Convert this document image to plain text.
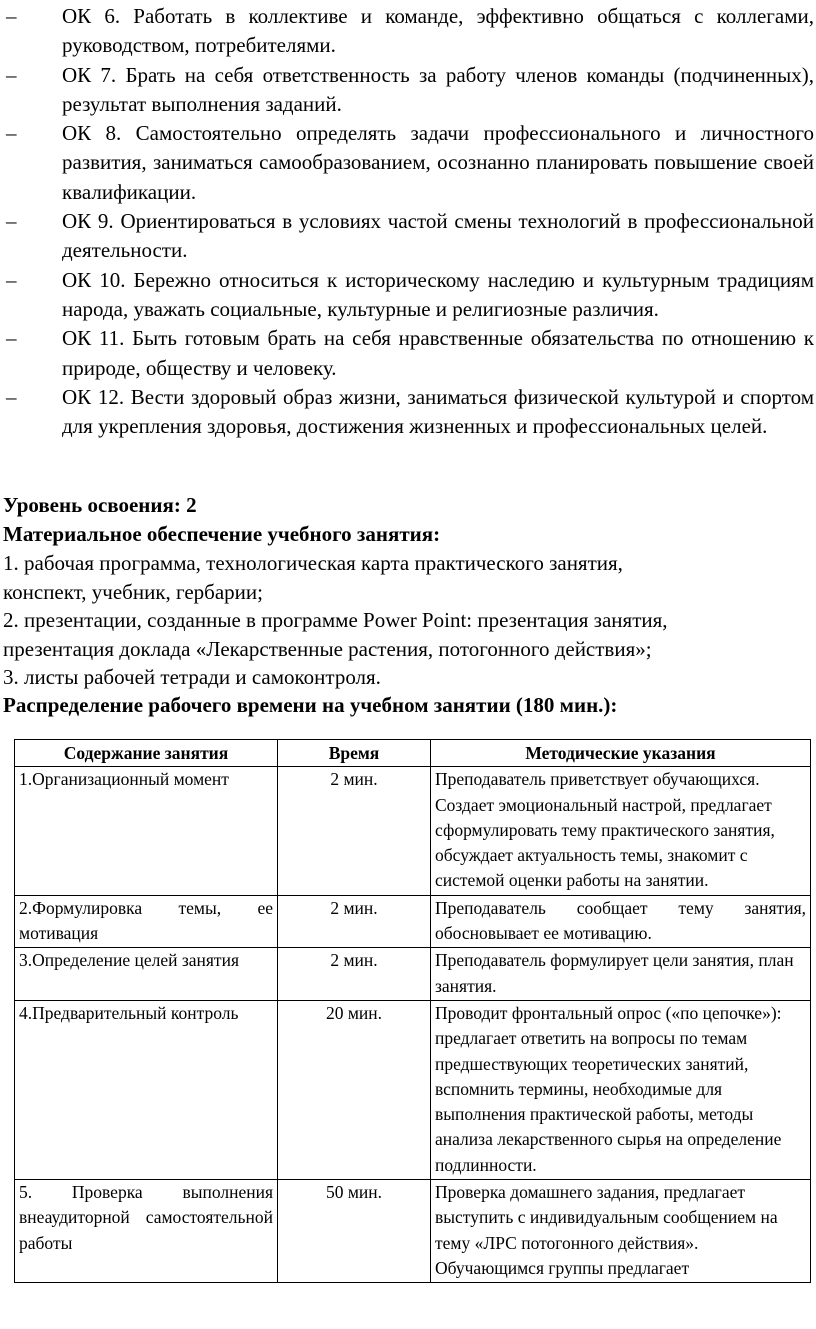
–	ОК 6. Работать в коллективе и команде, эффективно общаться с коллегами, руководством, потребителями.
–	ОК 7. Брать на себя ответственность за работу членов команды (подчиненных), результат выполнения заданий.
–	ОК 8. Самостоятельно определять задачи профессионального и личностного развития, заниматься самообразованием, осознанно планировать повышение своей квалификации.
–	ОК 9. Ориентироваться в условиях частой смены технологий в профессиональной деятельности.
–	ОК 10. Бережно относиться к историческому наследию и культурным традициям народа, уважать социальные, культурные и религиозные различия.
–	ОК 11. Быть готовым брать на себя нравственные обязательства по отношению к природе, обществу и человеку.
–	ОК 12. Вести здоровый образ жизни, заниматься физической культурой и спортом для укрепления здоровья, достижения жизненных и профессиональных целей.

Уровень освоения: 2

Материальное обеспечение учебного занятия:

1. рабочая программа, технологическая карта практического занятия,

конспект, учебник, гербарии;

2. презентации, созданные в программе Power Point: презентация занятия,

презентация доклада «Лекарственные растения, потогонного действия»;

3. листы рабочей тетради и самоконтроля.

Распределение рабочего времени на учебном занятии (180 мин.):

Содержание занятия	Время	Методические указания
1.Организационный момент	2 мин.	Преподаватель приветствует обучающихся. Создает эмоциональный настрой, предлагает сформулировать тему практического занятия, обсуждает актуальность темы, знакомит с системой оценки работы на занятии.
2.Формулировка темы, ее мотивация	2 мин.	Преподаватель сообщает тему занятия, обосновывает ее мотивацию.
3.Определение целей занятия	2 мин.	Преподаватель формулирует цели занятия, план занятия.
4.Предварительный контроль	20 мин.	Проводит фронтальный опрос («по цепочке»): предлагает ответить на вопросы по темам предшествующих теоретических занятий, вспомнить термины, необходимые для выполнения практической работы, методы анализа лекарственного сырья на определение подлинности.
5. Проверка выполнения внеаудиторной самостоятельной работы	50 мин.	Проверка домашнего задания, предлагает выступить с индивидуальным сообщением на тему «ЛРС потогонного действия». Обучающимся группы предлагает
